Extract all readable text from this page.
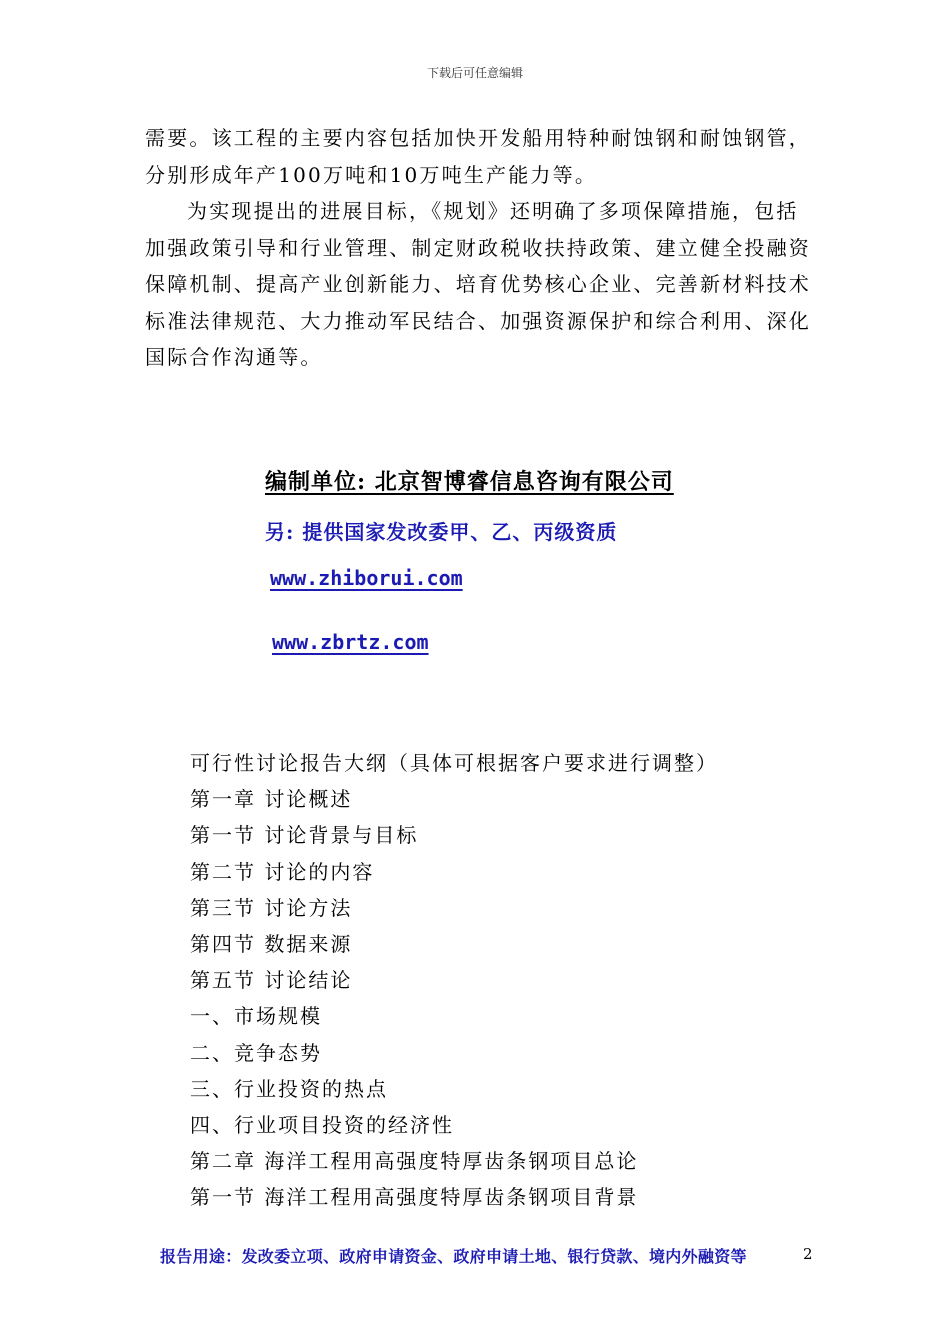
下载后可任意编辑

需要。该工程的主要内容包括加快开发船用特种耐蚀钢和耐蚀钢管，分别形成年产100万吨和10万吨生产能力等。

为实现提出的进展目标，《规划》还明确了多项保障措施，包括加强政策引导和行业管理、制定财政税收扶持政策、建立健全投融资保障机制、提高产业创新能力、培育优势核心企业、完善新材料技术标准法律规范、大力推动军民结合、加强资源保护和综合利用、深化国际合作沟通等。

编制单位: 北京智博睿信息咨询有限公司
另: 提供国家发改委甲、乙、丙级资质
www.zhiborui.com
www.zbrtz.com
可行性讨论报告大纲（具体可根据客户要求进行调整）
第一章 讨论概述
第一节 讨论背景与目标
第二节 讨论的内容
第三节 讨论方法
第四节 数据来源
第五节 讨论结论
一、市场规模
二、竞争态势
三、行业投资的热点
四、行业项目投资的经济性
第二章 海洋工程用高强度特厚齿条钢项目总论
第一节 海洋工程用高强度特厚齿条钢项目背景
报告用途：发改委立项、政府申请资金、政府申请土地、银行贷款、境内外融资等	2
